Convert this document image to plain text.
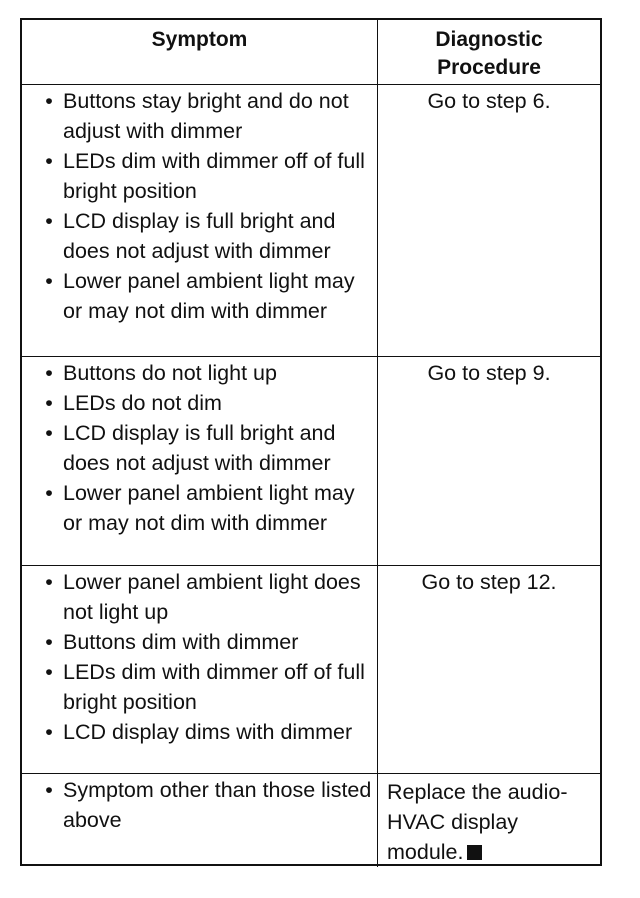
Symptom	Diagnostic
Procedure
• Buttons stay bright and do not adjust with dimmer
• LEDs dim with dimmer off of full bright position
• LCD display is full bright and does not adjust with dimmer
• Lower panel ambient light may or may not dim with dimmer
Go to step 6.
• Buttons do not light up
• LEDs do not dim
• LCD display is full bright and does not adjust with dimmer
• Lower panel ambient light may or may not dim with dimmer
Go to step 9.
• Lower panel ambient light does not light up
• Buttons dim with dimmer
• LEDs dim with dimmer off of full bright position
• LCD display dims with dimmer
Go to step 12.
• Symptom other than those listed above
Replace the audio-HVAC display module.
